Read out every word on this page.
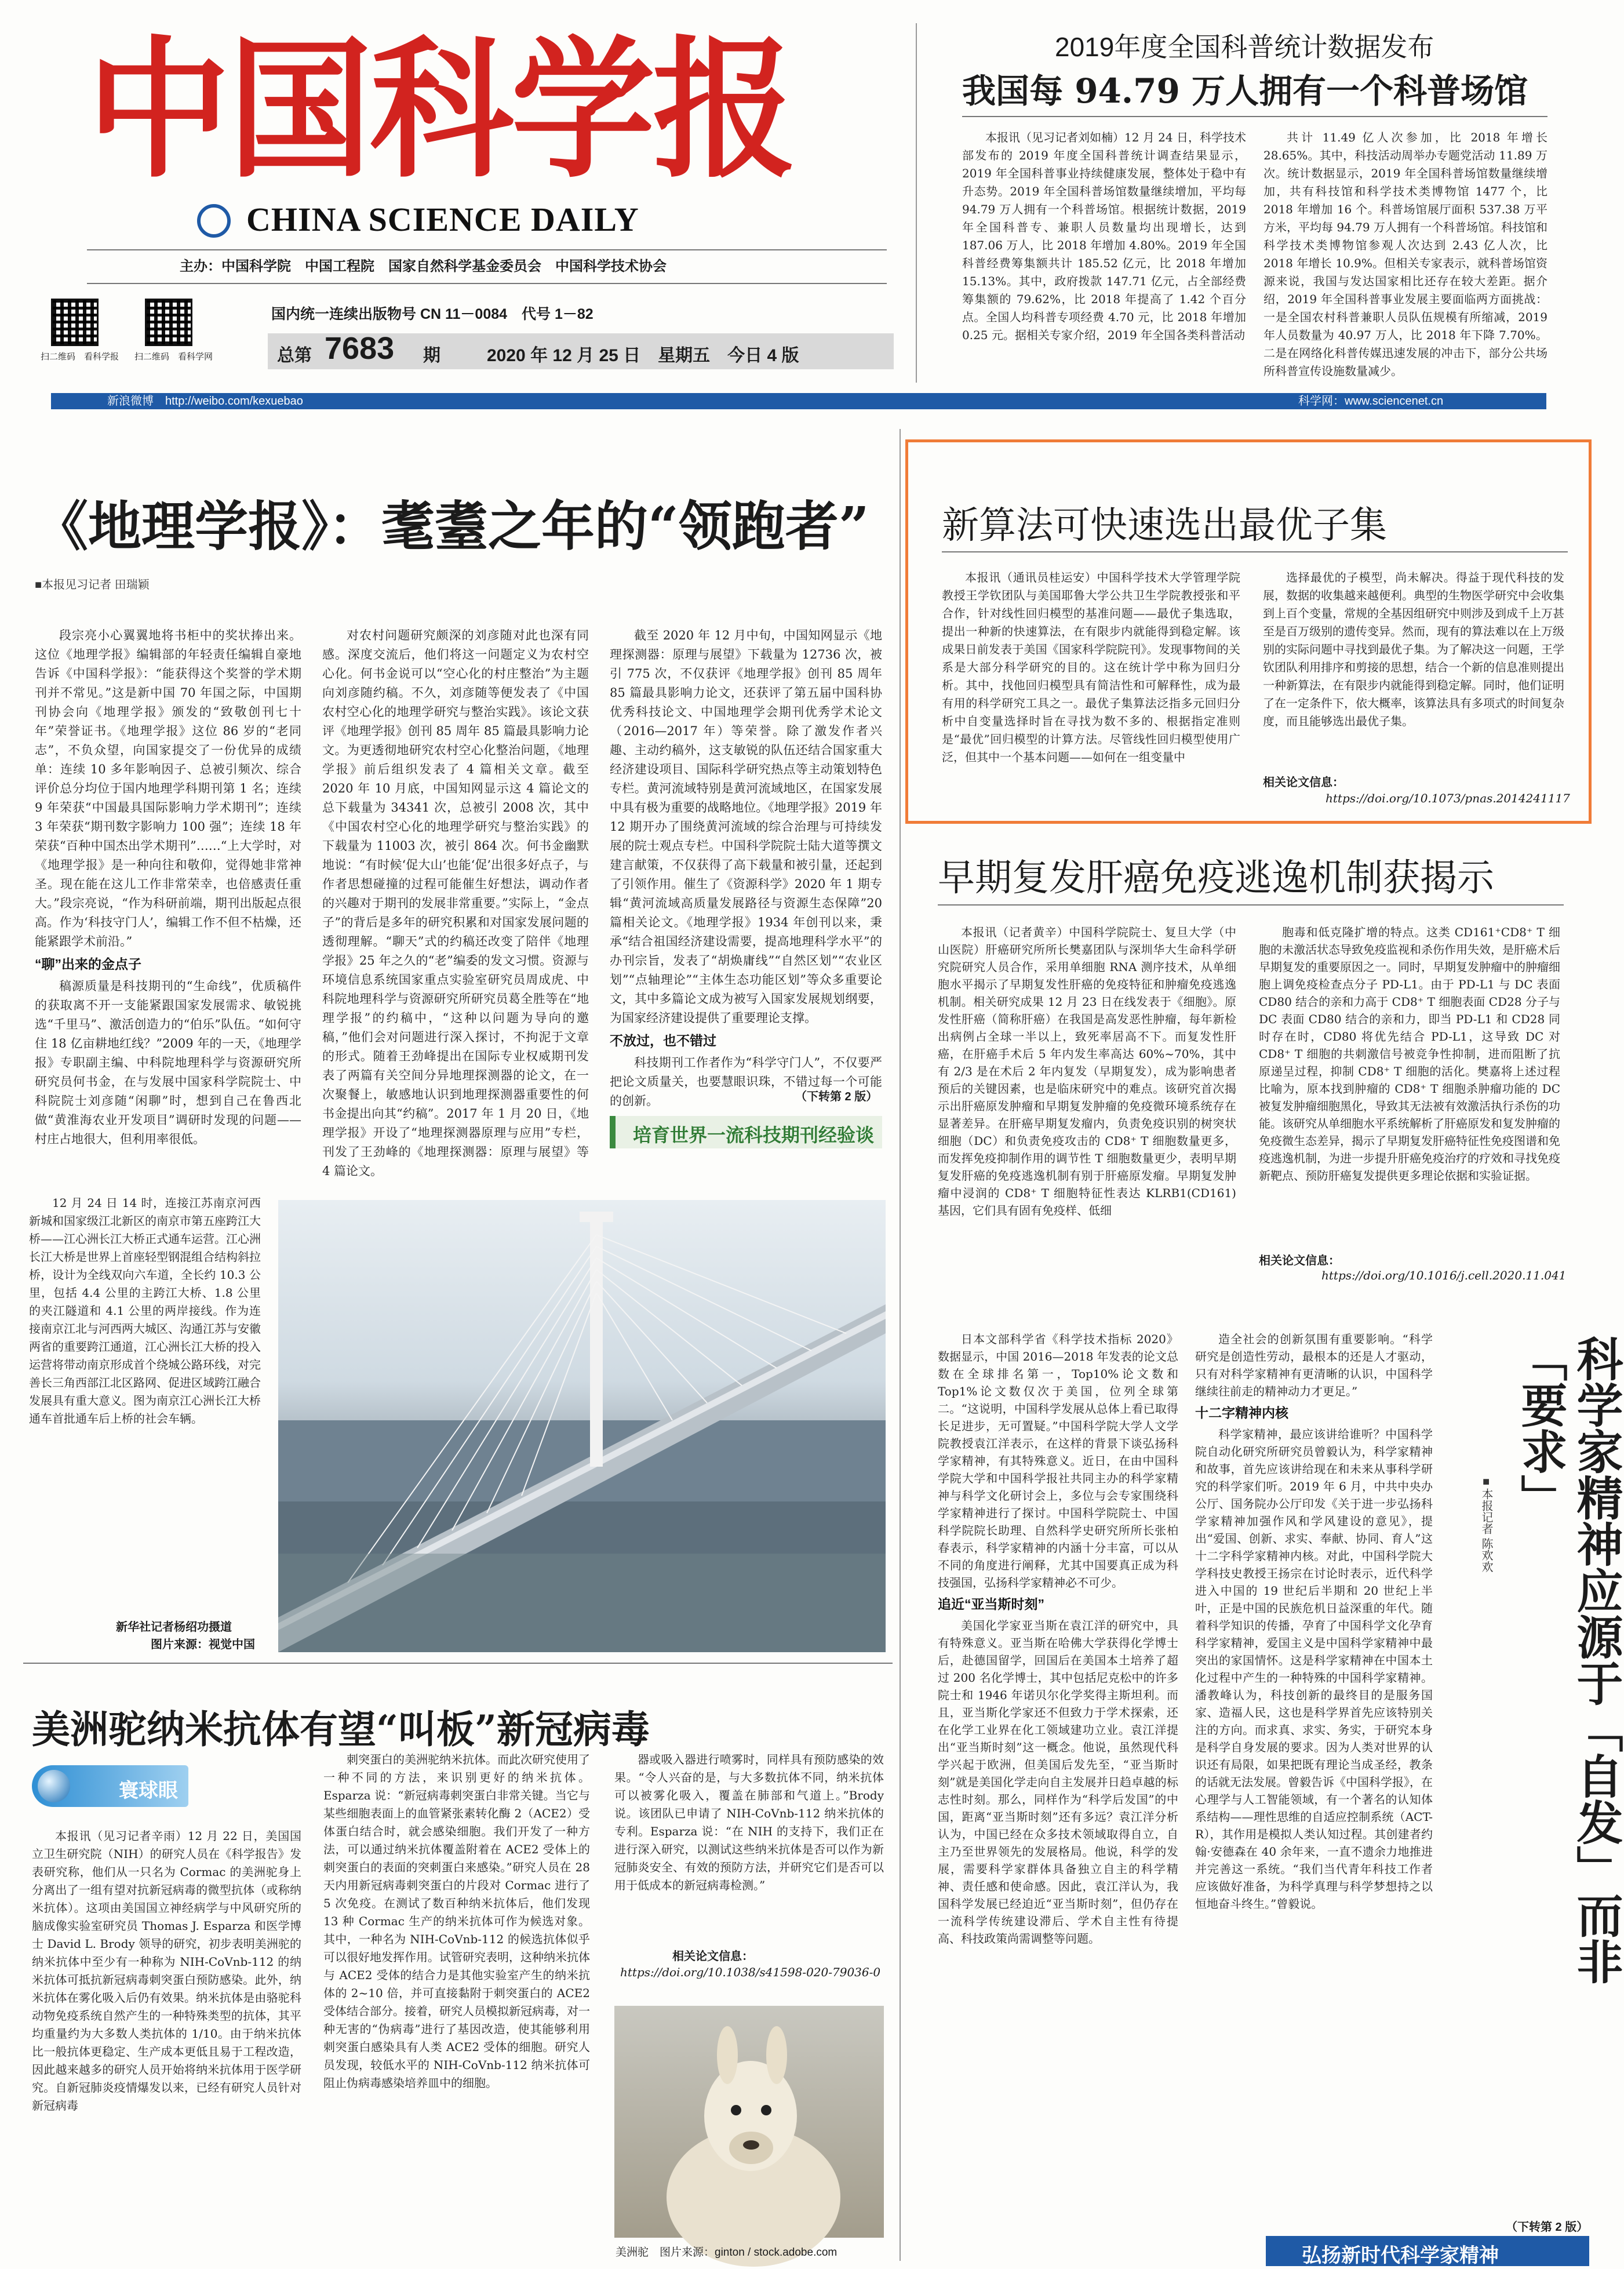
中国科学报
CHINA SCIENCE DAILY
主办：中国科学院　中国工程院　国家自然科学基金委员会　中国科学技术协会
扫二维码　看科学报 扫二维码　看科学网
国内统一连续出版物号 CN 11－0084　代号 1－82
总第 7683 期	2020 年 12 月 25 日　星期五　今日 4 版
新浪微博　http://weibo.com/kexuebao	科学网：www.sciencenet.cn
2019年度全国科普统计数据发布
我国每 94.79 万人拥有一个科普场馆
本报讯（见习记者刘如楠）12 月 24 日，科学技术部发布的 2019 年度全国科普统计调查结果显示，2019 年全国科普事业持续健康发展，整体处于稳中有升态势。2019 年全国科普场馆数量继续增加，平均每 94.79 万人拥有一个科普场馆。根据统计数据，2019 年全国科普专、兼职人员数量均出现增长，达到 187.06 万人，比 2018 年增加 4.80%。2019 年全国科普经费筹集额共计 185.52 亿元，比 2018 年增加 15.13%。其中，政府拨款 147.71 亿元，占全部经费筹集额的 79.62%，比 2018 年提高了 1.42 个百分点。全国人均科普专项经费 4.70 元，比 2018 年增加 0.25 元。据相关专家介绍，2019 年全国各类科普活动
共计 11.49 亿人次参加，比 2018 年增长 28.65%。其中，科技活动周举办专题党活动 11.89 万次。统计数据显示，2019 年全国科普场馆数量继续增加，共有科技馆和科学技术类博物馆 1477 个，比 2018 年增加 16 个。科普场馆展厅面积 537.38 万平方米，平均每 94.79 万人拥有一个科普场馆。科技馆和科学技术类博物馆参观人次达到 2.43 亿人次，比 2018 年增长 10.9%。但相关专家表示，就科普场馆资源来说，我国与发达国家相比还存在较大差距。据介绍，2019 年全国科普事业发展主要面临两方面挑战：一是全国农村科普兼职人员队伍规模有所缩减，2019 年人员数量为 40.97 万人，比 2018 年下降 7.70%。二是在网络化科普传媒迅速发展的冲击下，部分公共场所科普宣传设施数量减少。
《地理学报》：耄耋之年的“领跑者”
■本报见习记者 田瑞颖

段宗亮小心翼翼地将书柜中的奖状捧出来。这位《地理学报》编辑部的年轻责任编辑自豪地告诉《中国科学报》：“能获得这个奖誉的学术期刊并不常见。”这是新中国 70 年国之际，中国期刊协会向《地理学报》颁发的“致敬创刊七十年”荣誉证书。《地理学报》这位 86 岁的“老同志”，不负众望，向国家提交了一份优异的成绩单：连续 10 多年影响因子、总被引频次、综合评价总分均位于国内地理学科期刊第 1 名；连续 9 年荣获“中国最具国际影响力学术期刊”；连续 3 年荣获“期刊数字影响力 100 强”；连续 18 年荣获“百种中国杰出学术期刊”……“上大学时，对《地理学报》是一种向往和敬仰，觉得她非常神圣。现在能在这儿工作非常荣幸，也倍感责任重大。”段宗亮说，“作为科研前端，期刊出版起点很高。作为‘科技守门人’，编辑工作不但不枯燥，还能紧跟学术前沿。”

“聊”出来的金点子

稿源质量是科技期刊的“生命线”，优质稿件的获取离不开一支能紧跟国家发展需求、敏锐挑选“千里马”、激活创造力的“伯乐”队伍。“如何守住 18 亿亩耕地红线？”2009 年的一天，《地理学报》专职副主编、中科院地理科学与资源研究所研究员何书金，在与发展中国家科学院院士、中科院院士刘彦随“闲聊”时，想到自己在鲁西北做“黄淮海农业开发项目”调研时发现的问题——村庄占地很大，但利用率很低。

对农村问题研究颇深的刘彦随对此也深有同感。深度交流后，他们将这一问题定义为农村空心化。何书金说可以“空心化的村庄整治”为主题向刘彦随约稿。不久，刘彦随等便发表了《中国农村空心化的地理学研究与整治实践》。该论文获评《地理学报》创刊 85 周年 85 篇最具影响力论文。为更透彻地研究农村空心化整治问题，《地理学报》前后组织发表了 4 篇相关文章。截至 2020 年 10 月底，中国知网显示这 4 篇论文的总下载量为 34341 次，总被引 2008 次，其中《中国农村空心化的地理学研究与整治实践》的下载量为 11003 次，被引 864 次。何书金幽默地说：“有时候‘促大山’也能‘促’出很多好点子，与作者思想碰撞的过程可能催生好想法，调动作者的兴趣对于期刊的发展非常重要。”实际上，“金点子”的背后是多年的研究积累和对国家发展问题的透彻理解。“聊天”式的约稿还改变了陪伴《地理学报》25 年之久的“老”编委的发文习惯。资源与环境信息系统国家重点实验室研究员周成虎、中科院地理科学与资源研究所研究员葛全胜等在“地理学报”的约稿中，“这种以问题为导向的邀稿，”他们会对问题进行深入探讨，不拘泥于文章的形式。随着王劲峰提出在国际专业权威期刊发表了两篇有关空间分异地理探测器的论文，在一次聚餐上，敏感地认识到地理探测器重要性的何书金提出向其“约稿”。2017 年 1 月 20 日，《地理学报》开设了“地理探测器原理与应用”专栏，刊发了王劲峰的《地理探测器：原理与展望》等 4 篇论文。

截至 2020 年 12 月中旬，中国知网显示《地理探测器：原理与展望》下载量为 12736 次，被引 775 次，不仅获评《地理学报》创刊 85 周年 85 篇最具影响力论文，还获评了第五届中国科协优秀科技论文、中国地理学会期刊优秀学术论文（2016—2017 年）等荣誉。除了激发作者兴趣、主动约稿外，这支敏锐的队伍还结合国家重大经济建设项目、国际科学研究热点等主动策划特色专栏。黄河流域特别是黄河流域地区，在国家发展中具有极为重要的战略地位。《地理学报》2019 年 12 期开办了围绕黄河流域的综合治理与可持续发展的院士观点专栏。中国科学院院士陆大道等撰文建言献策，不仅获得了高下载量和被引量，还起到了引领作用。催生了《资源科学》2020 年 1 期专辑“黄河流域高质量发展路径与资源生态保障”20 篇相关论文。《地理学报》1934 年创刊以来，秉承“结合祖国经济建设需要，提高地理科学水平”的办刊宗旨，发表了“胡焕庸线”“自然区划”“农业区划”“点轴理论”“主体生态功能区划”等众多重要论文，其中多篇论文成为被写入国家发展规划纲要，为国家经济建设提供了重要理论支撑。

不放过，也不错过

科技期刊工作者作为“科学守门人”，不仅要严把论文质量关，也要慧眼识珠，不错过每一个可能的创新。	（下转第 2 版）
培育世界一流科技期刊经验谈
新算法可快速选出最优子集
本报讯（通讯员桂运安）中国科学技术大学管理学院教授王学钦团队与美国耶鲁大学公共卫生学院教授张和平合作，针对线性回归模型的基准问题——最优子集选取，提出一种新的快速算法，在有限步内就能得到稳定解。该成果日前发表于美国《国家科学院院刊》。发现事物间的关系是大部分科学研究的目的。这在统计学中称为回归分析。其中，找他回归模型具有简洁性和可解释性，成为最有用的科学研究工具之一。最优子集算法泛指多元回归分析中自变量选择时旨在寻找为数不多的、根据指定准则是“最优”回归模型的计算方法。尽管线性回归模型使用广泛，但其中一个基本问题——如何在一组变量中
选择最优的子模型，尚未解决。得益于现代科技的发展，数据的收集越来越便利。典型的生物医学研究中会收集到上百个变量，常规的全基因组研究中则涉及到成千上万甚至是百万级别的遗传变异。然而，现有的算法难以在上万级别的实际问题中寻找到最优子集。为了解决这一问题，王学钦团队利用排序和剪接的思想，结合一个新的信息准则提出一种新算法，在有限步内就能得到稳定解。同时，他们证明了在一定条件下，依大概率，该算法具有多项式的时间复杂度，而且能够选出最优子集。
相关论文信息：
https://doi.org/10.1073/pnas.2014241117
早期复发肝癌免疫逃逸机制获揭示
本报讯（记者黄辛）中国科学院院士、复旦大学（中山医院）肝癌研究所所长樊嘉团队与深圳华大生命科学研究院研究人员合作，采用单细胞 RNA 测序技术，从单细胞水平揭示了早期复发性肝癌的免疫特征和肿瘤免疫逃逸机制。相关研究成果 12 月 23 日在线发表于《细胞》。原发性肝癌（简称肝癌）在我国是高发恶性肿瘤，每年新检出病例占全球一半以上，致死率居高不下。而复发性肝癌，在肝癌手术后 5 年内发生率高达 60%~70%，其中有 2/3 是在术后 2 年内复发（早期复发），成为影响患者预后的关键因素，也是临床研究中的难点。该研究首次揭示出肝癌原发肿瘤和早期复发肿瘤的免疫微环境系统存在显著差异。在肝癌早期复发瘤内，负责免疫识别的树突状细胞（DC）和负责免疫攻击的 CD8⁺ T 细胞数量更多，而发挥免疫抑制作用的调节性 T 细胞数量更少，表明早期复发肝癌的免疫逃逸机制有别于肝癌原发瘤。早期复发肿瘤中浸润的 CD8⁺ T 细胞特征性表达 KLRB1(CD161) 基因，它们具有固有免疫样、低细
胞毒和低克隆扩增的特点。这类 CD161⁺CD8⁺ T 细胞的未激活状态导致免疫监视和杀伤作用失效，是肝癌术后早期复发的重要原因之一。同时，早期复发肿瘤中的肿瘤细胞上调免疫检查点分子 PD-L1。由于 PD-L1 与 DC 表面 CD80 结合的亲和力高于 CD8⁺ T 细胞表面 CD28 分子与 DC 表面 CD80 结合的亲和力，即当 PD-L1 和 CD28 同时存在时，CD80 将优先结合 PD-L1，这导致 DC 对 CD8⁺ T 细胞的共刺激信号被竞争性抑制，进而阻断了抗原递呈过程，抑制 CD8⁺ T 细胞的活化。樊嘉将上述过程比喻为，原本找到肿瘤的 CD8⁺ T 细胞杀肿瘤功能的 DC 被复发肿瘤细胞黑化，导致其无法被有效激活执行杀伤的功能。该研究从单细胞水平系统解析了肝癌原发和复发肿瘤的免疫微生态差异，揭示了早期复发肝癌特征性免疫图谱和免疫逃逸机制，为进一步提升肝癌免疫治疗的疗效和寻找免疫新靶点、预防肝癌复发提供更多理论依据和实验证据。
相关论文信息：
https://doi.org/10.1016/j.cell.2020.11.041
12 月 24 日 14 时，连接江苏南京河西新城和国家级江北新区的南京市第五座跨江大桥——江心洲长江大桥正式通车运营。江心洲长江大桥是世界上首座轻型钢混组合结构斜拉桥，设计为全线双向六车道，全长约 10.3 公里，包括 4.4 公里的主跨江大桥、1.8 公里的夹江隧道和 4.1 公里的两岸接线。作为连接南京江北与河西两大城区、沟通江苏与安徽两省的重要跨江通道，江心洲长江大桥的投入运营将带动南京形成首个绕城公路环线，对完善长三角西部江北区路网、促进区域跨江融合发展具有重大意义。图为南京江心洲长江大桥通车首批通车后上桥的社会车辆。
新华社记者杨绍功摄道
图片来源：视觉中国

日本文部科学省《科学技术指标 2020》数据显示，中国 2016—2018 年发表的论文总数在全球排名第一，Top10%论文数和 Top1%论文数仅次于美国，位列全球第二。“这说明，中国科学发展从总体上看已取得长足进步，无可置疑。”中国科学院大学人文学院教授袁江洋表示，在这样的背景下谈弘扬科学家精神，有其特殊意义。近日，在由中国科学院大学和中国科学报社共同主办的科学家精神与科学文化研讨会上，多位与会专家围绕科学家精神进行了探讨。中国科学院院士、中国科学院院长助理、自然科学史研究所所长张柏春表示，科学家精神的内涵十分丰富，可以从不同的角度进行阐释，尤其中国要真正成为科技强国，弘扬科学家精神必不可少。

追近“亚当斯时刻”

美国化学家亚当斯在袁江洋的研究中，具有特殊意义。亚当斯在哈佛大学获得化学博士后，赴德国留学，回国后在美国本土培养了超过 200 名化学博士，其中包括尼克松中的许多院士和 1946 年诺贝尔化学奖得主斯坦利。而且，亚当斯化学家还不但致力于学术探索，还在化学工业界在化工领域建功立业。袁江洋提出“亚当斯时刻”这一概念。他说，虽然现代科学兴起于欧洲，但美国后发先至，“亚当斯时刻”就是美国化学走向自主发展并日趋卓越的标志性时刻。那么，同样作为“科学后发国”的中国，距离“亚当斯时刻”还有多远？袁江洋分析认为，中国已经在众多技术领域取得自立，自主乃至世界领先的发展格局。他说，科学的发展，需要科学家群体具备独立自主的科学精神、责任感和使命感。因此，袁江洋认为，我国科学发展已经迫近“亚当斯时刻”，但仍存在一流科学传统建设滞后、学术自主性有待提高、科技政策尚需调整等问题。

造全社会的创新氛围有重要影响。“科学研究是创造性劳动，最根本的还是人才驱动，只有对科学家精神有更清晰的认识，中国科学继续往前走的精神动力才更足。”

十二字精神内核

科学家精神，最应该讲给谁听？中国科学院自动化研究所研究员曾毅认为，科学家精神和故事，首先应该讲给现在和未来从事科学研究的科学家们听。2019 年 6 月，中共中央办公厅、国务院办公厅印发《关于进一步弘扬科学家精神加强作风和学风建设的意见》，提出“爱国、创新、求实、奉献、协同、育人”这十二字科学家精神内核。对此，中国科学院大学科技史教授王扬宗在讨论时表示，近代科学进入中国的 19 世纪后半期和 20 世纪上半叶，正是中国的民族危机日益深重的年代。随着科学知识的传播，孕育了中国科学文化孕育科学家精神，爱国主义是中国科学家精神中最突出的家国情怀。这是科学家精神在中国本土化过程中产生的一种特殊的中国科学家精神。潘教峰认为，科技创新的最终目的是服务国家、造福人民，这也是科学界首先应该特别关注的方向。而求真、求实、务实，于研究本身是科学自身发展的要求。因为人类对世界的认识还有局限，如果把既有理论当成圣经，教条的话就无法发展。曾毅告诉《中国科学报》，在心理学与人工智能领域，有一个著名的认知体系结构——理性思维的自适应控制系统（ACT-R），其作用是模拟人类认知过程。其创建者约翰·安德森在 40 余年来，一直不遗余力地推进并完善这一系统。“我们当代青年科技工作者应该做好准备，为科学真理与科学梦想持之以恒地奋斗终生。”曾毅说。

（下转第 2 版）
科学家精神应源于「自发」而非「要求」
■本报记者 陈欢欢
弘扬新时代科学家精神
美洲驼纳米抗体有望“叫板”新冠病毒
寰球眼
本报讯（见习记者辛雨）12 月 22 日，美国国立卫生研究院（NIH）的研究人员在《科学报告》发表研究称，他们从一只名为 Cormac 的美洲驼身上分离出了一组有望对抗新冠病毒的微型抗体（或称纳米抗体）。这项由美国国立神经病学与中风研究所的脑成像实验室研究员 Thomas J. Esparza 和医学博士 David L. Brody 领导的研究，初步表明美洲驼的纳米抗体中至少有一种称为 NIH-CoVnb-112 的纳米抗体可抵抗新冠病毒刺突蛋白预防感染。此外，纳米抗体在雾化吸入后仍有效果。纳米抗体是由骆驼科动物免疫系统自然产生的一种特殊类型的抗体，其平均重量约为大多数人类抗体的 1/10。由于纳米抗体比一般抗体更稳定、生产成本更低且易于工程改造，因此越来越多的研究人员开始将纳米抗体用于医学研究。自新冠肺炎疫情爆发以来，已经有研究人员针对新冠病毒
刺突蛋白的美洲驼纳米抗体。而此次研究使用了一种不同的方法，来识别更好的纳米抗体。Esparza 说：“新冠病毒刺突蛋白非常关键。当它与某些细胞表面上的血管紧张素转化酶 2（ACE2）受体蛋白结合时，就会感染细胞。我们开发了一种方法，可以通过纳米抗体覆盖附着在 ACE2 受体上的刺突蛋白的表面的突刺蛋白来感染。”研究人员在 28 天内用新冠病毒刺突蛋白的片段对 Cormac 进行了 5 次免疫。在测试了数百种纳米抗体后，他们发现 13 种 Cormac 生产的纳米抗体可作为候选对象。其中，一种名为 NIH-CoVnb-112 的候选抗体似乎可以很好地发挥作用。试管研究表明，这种纳米抗体与 ACE2 受体的结合力是其他实验室产生的纳米抗体的 2~10 倍，并可直接黏附于刺突蛋白的 ACE2 受体结合部分。接着，研究人员模拟新冠病毒，对一种无害的“伪病毒”进行了基因改造，使其能够利用刺突蛋白感染具有人类 ACE2 受体的细胞。研究人员发现，较低水平的 NIH-CoVnb-112 纳米抗体可阻止伪病毒感染培养皿中的细胞。
器或吸入器进行喷雾时，同样具有预防感染的效果。“令人兴奋的是，与大多数抗体不同，纳米抗体可以被雾化吸入，覆盖在肺部和气道上。”Brody 说。该团队已申请了 NIH-CoVnb-112 纳米抗体的专利。Esparza 说：“在 NIH 的支持下，我们正在进行深入研究，以测试这些纳米抗体是否可以作为新冠肺炎安全、有效的预防方法，并研究它们是否可以用于低成本的新冠病毒检测。”
相关论文信息：
https://doi.org/10.1038/s41598-020-79036-0
美洲驼　图片来源：ginton / stock.adobe.com
